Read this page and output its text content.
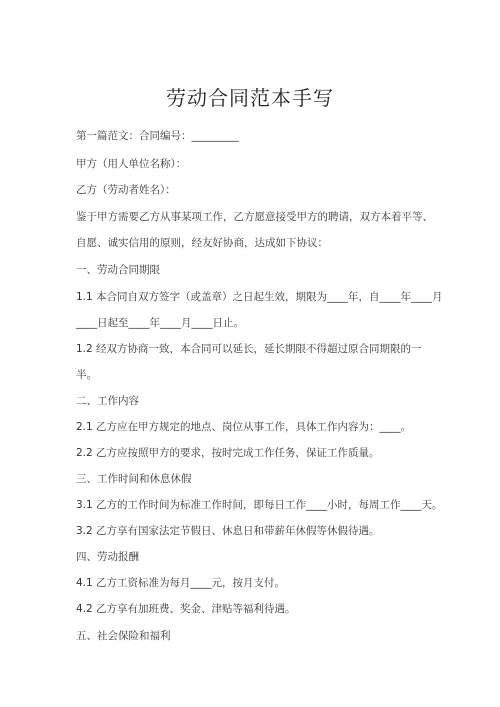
劳动合同范本手写
第一篇范文：合同编号：_________
甲方（用人单位名称）：
乙方（劳动者姓名）：
鉴于甲方需要乙方从事某项工作，乙方愿意接受甲方的聘请，双方本着平等、
自愿、诚实信用的原则，经友好协商，达成如下协议：
一、劳动合同期限
1.1 本合同自双方签字（或盖章）之日起生效，期限为____年，自____年____月
____日起至____年____月____日止。
1.2 经双方协商一致，本合同可以延长，延长期限不得超过原合同期限的一
半。
二、工作内容
2.1 乙方应在甲方规定的地点、岗位从事工作，具体工作内容为：____。
2.2 乙方应按照甲方的要求，按时完成工作任务，保证工作质量。
三、工作时间和休息休假
3.1 乙方的工作时间为标准工作时间，即每日工作____小时，每周工作____天。
3.2 乙方享有国家法定节假日、休息日和带薪年休假等休假待遇。
四、劳动报酬
4.1 乙方工资标准为每月____元，按月支付。
4.2 乙方享有加班费、奖金、津贴等福利待遇。
五、社会保险和福利
